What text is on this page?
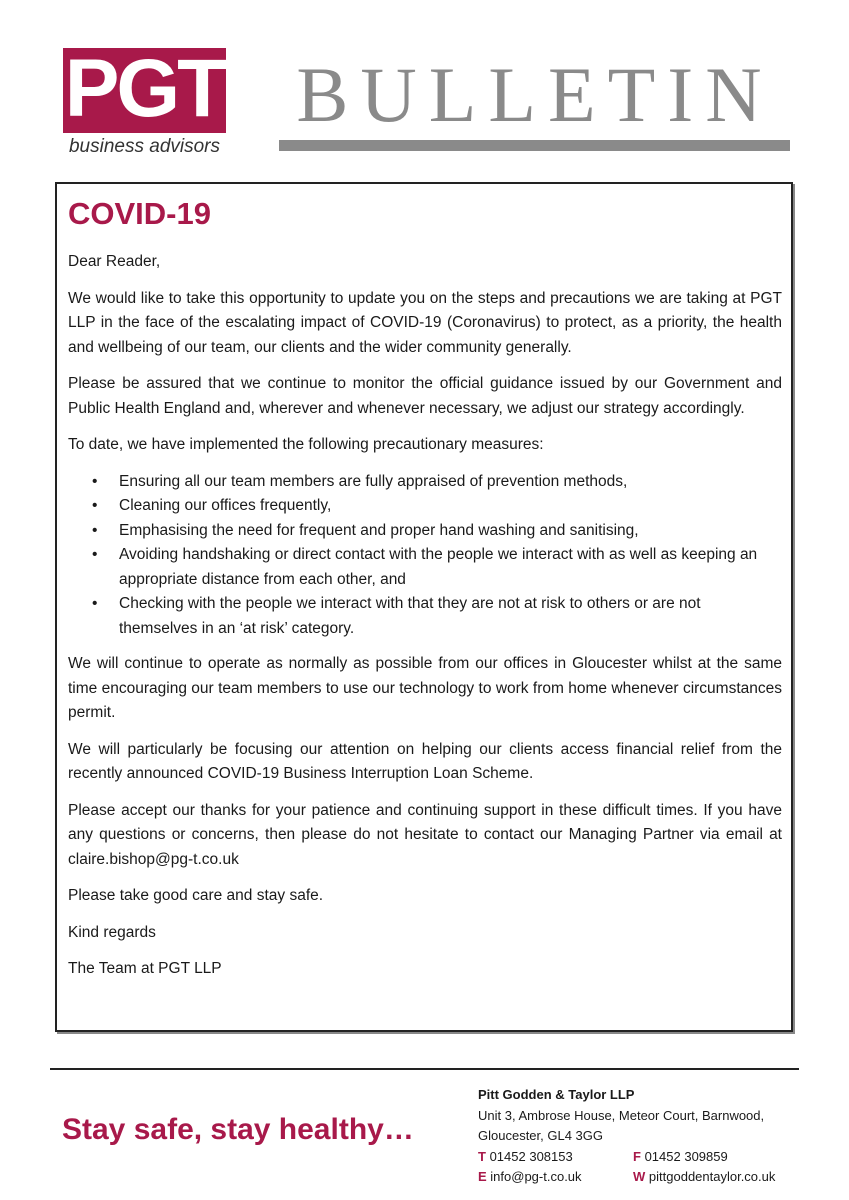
PGT
business advisors
BULLETIN
COVID-19

Dear Reader,

We would like to take this opportunity to update you on the steps and precautions we are taking at PGT LLP in the face of the escalating impact of COVID-19 (Coronavirus) to protect, as a priority, the health and wellbeing of our team, our clients and the wider community generally.

Please be assured that we continue to monitor the official guidance issued by our Government and Public Health England and, wherever and whenever necessary, we adjust our strategy accordingly.

To date, we have implemented the following precautionary measures:

• Ensuring all our team members are fully appraised of prevention methods,
• Cleaning our offices frequently,
• Emphasising the need for frequent and proper hand washing and sanitising,
• Avoiding handshaking or direct contact with the people we interact with as well as keeping an appropriate distance from each other, and
• Checking with the people we interact with that they are not at risk to others or are not themselves in an ‘at risk’ category.

We will continue to operate as normally as possible from our offices in Gloucester whilst at the same time encouraging our team members to use our technology to work from home whenever circumstances permit.

We will particularly be focusing our attention on helping our clients access financial relief from the recently announced COVID-19 Business Interruption Loan Scheme.

Please accept our thanks for your patience and continuing support in these difficult times. If you have any questions or concerns, then please do not hesitate to contact our Managing Partner via email at claire.bishop@pg-t.co.uk

Please take good care and stay safe.

Kind regards

The Team at PGT LLP

Stay safe, stay healthy…
Pitt Godden & Taylor LLP
Unit 3, Ambrose House, Meteor Court, Barnwood,
Gloucester, GL4 3GG
T 01452 308153	F 01452 309859
E info@pg-t.co.uk	W pittgoddentaylor.co.uk
